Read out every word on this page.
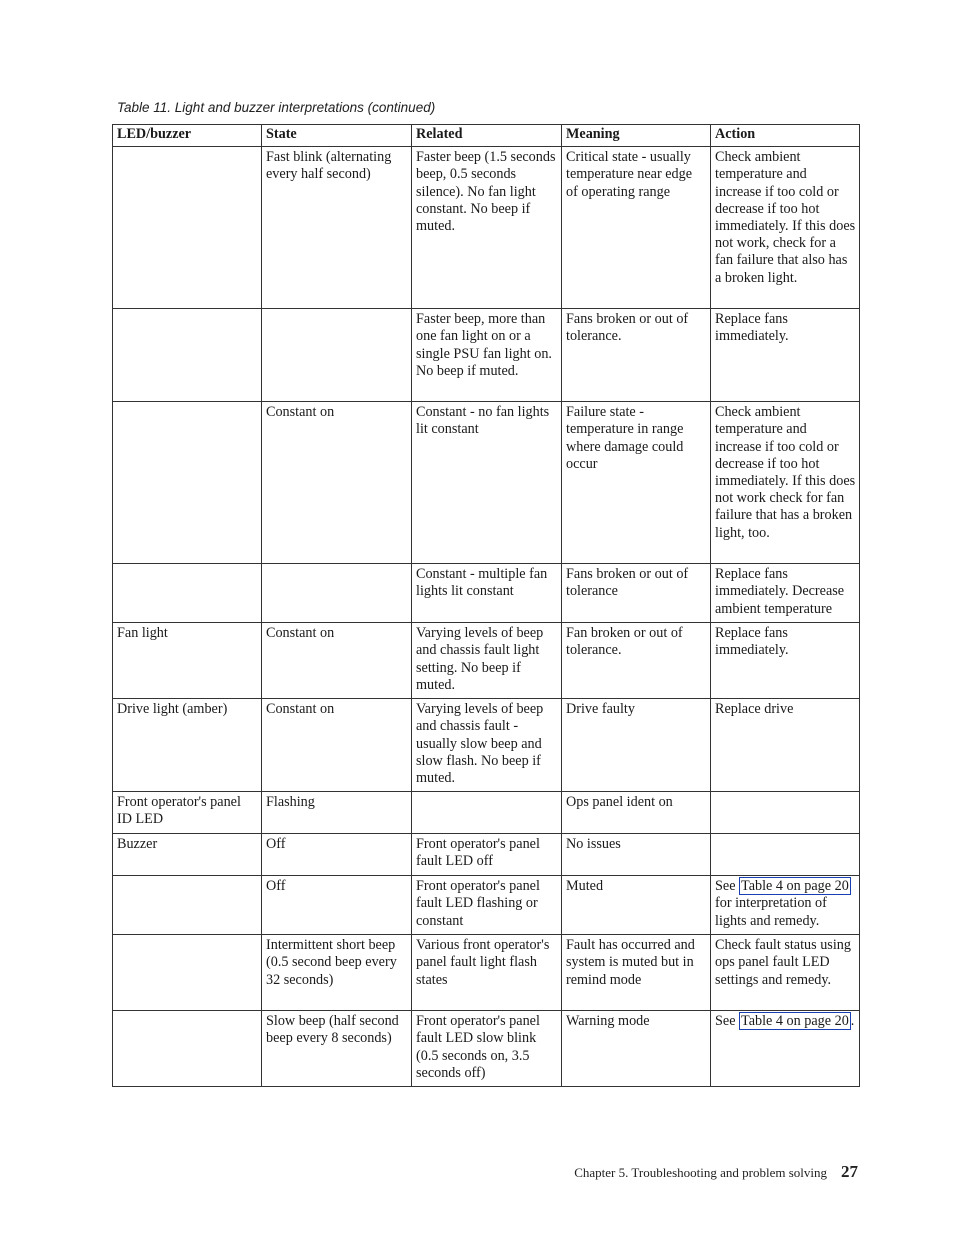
Table 11. Light and buzzer interpretations (continued)
LED/buzzer	State	Related	Meaning	Action
	Fast blink (alternating every half second)	Faster beep (1.5 seconds beep, 0.5 seconds silence). No fan light constant. No beep if muted.	Critical state - usually temperature near edge of operating range	Check ambient temperature and increase if too cold or decrease if too hot immediately. If this does not work, check for a fan failure that also has a broken light.
		Faster beep, more than one fan light on or a single PSU fan light on. No beep if muted.	Fans broken or out of tolerance.	Replace fans immediately.
	Constant on	Constant - no fan lights lit constant	Failure state - temperature in range where damage could occur	Check ambient temperature and increase if too cold or decrease if too hot immediately. If this does not work check for fan failure that has a broken light, too.
		Constant - multiple fan lights lit constant	Fans broken or out of tolerance	Replace fans immediately. Decrease ambient temperature
Fan light	Constant on	Varying levels of beep and chassis fault light setting. No beep if muted.	Fan broken or out of tolerance.	Replace fans immediately.
Drive light (amber)	Constant on	Varying levels of beep and chassis fault - usually slow beep and slow flash. No beep if muted.	Drive faulty	Replace drive
Front operator's panel ID LED	Flashing		Ops panel ident on	
Buzzer	Off	Front operator's panel fault LED off	No issues	
	Off	Front operator's panel fault LED flashing or constant	Muted	See Table 4 on page 20 for interpretation of lights and remedy.
	Intermittent short beep (0.5 second beep every 32 seconds)	Various front operator's panel fault light flash states	Fault has occurred and system is muted but in remind mode	Check fault status using ops panel fault LED settings and remedy.
	Slow beep (half second beep every 8 seconds)	Front operator's panel fault LED slow blink (0.5 seconds on, 3.5 seconds off)	Warning mode	See Table 4 on page 20 .
Chapter 5. Troubleshooting and problem solving 27
